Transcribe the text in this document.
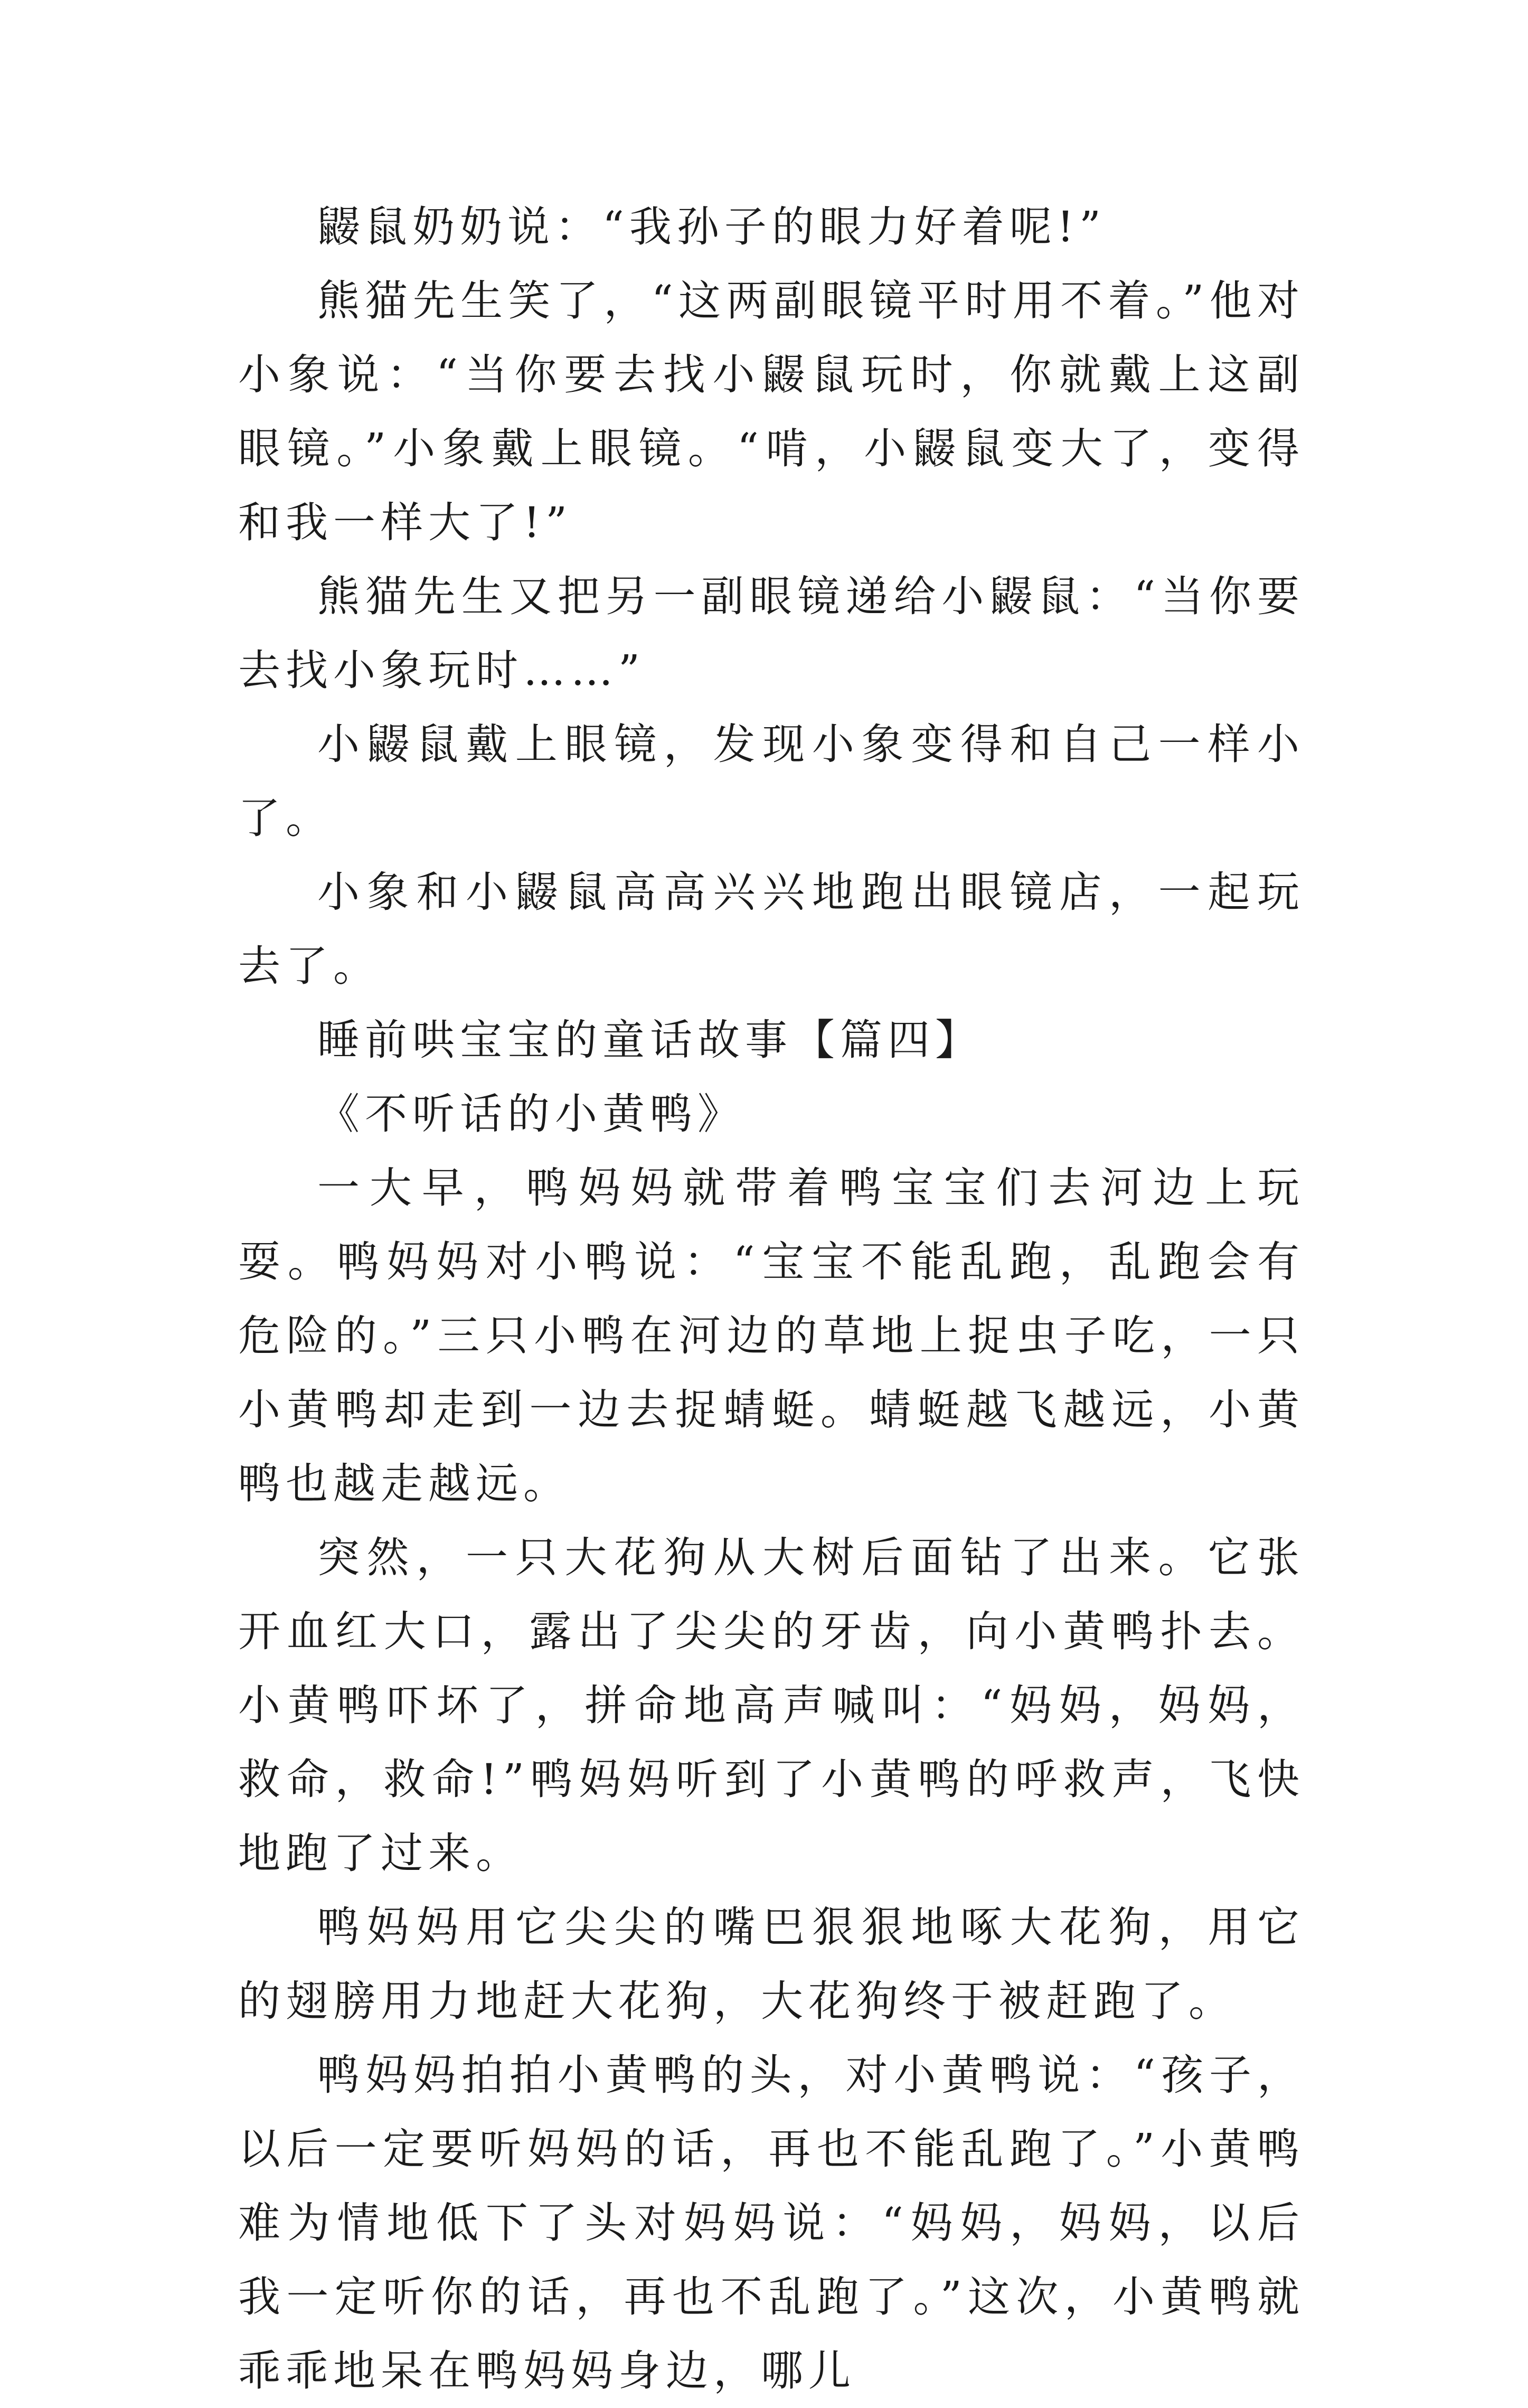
鼹鼠奶奶说：“我孙子的眼力好着呢!”

熊猫先生笑了，“这两副眼镜平时用不着。”他对小象说：“当你要去找小鼹鼠玩时，你就戴上这副眼镜。”小象戴上眼镜。“啃，小鼹鼠变大了，变得和我一样大了!”

熊猫先生又把另一副眼镜递给小鼹鼠：“当你要去找小象玩时……”

小鼹鼠戴上眼镜，发现小象变得和自己一样小了。

小象和小鼹鼠高高兴兴地跑出眼镜店，一起玩去了。

睡前哄宝宝的童话故事【篇四】

《不听话的小黄鸭》

一大早，鸭妈妈就带着鸭宝宝们去河边上玩耍。鸭妈妈对小鸭说：“宝宝不能乱跑，乱跑会有危险的。”三只小鸭在河边的草地上捉虫子吃，一只小黄鸭却走到一边去捉蜻蜓。蜻蜓越飞越远，小黄鸭也越走越远。

突然，一只大花狗从大树后面钻了出来。它张开血红大口，露出了尖尖的牙齿，向小黄鸭扑去。小黄鸭吓坏了，拼命地高声喊叫：“妈妈，妈妈，救命，救命!”鸭妈妈听到了小黄鸭的呼救声，飞快地跑了过来。

鸭妈妈用它尖尖的嘴巴狠狠地啄大花狗，用它的翅膀用力地赶大花狗，大花狗终于被赶跑了。

鸭妈妈拍拍小黄鸭的头，对小黄鸭说：“孩子，以后一定要听妈妈的话，再也不能乱跑了。”小黄鸭难为情地低下了头对妈妈说：“妈妈，妈妈，以后我一定听你的话，再也不乱跑了。”这次，小黄鸭就乖乖地呆在鸭妈妈身边，哪儿
